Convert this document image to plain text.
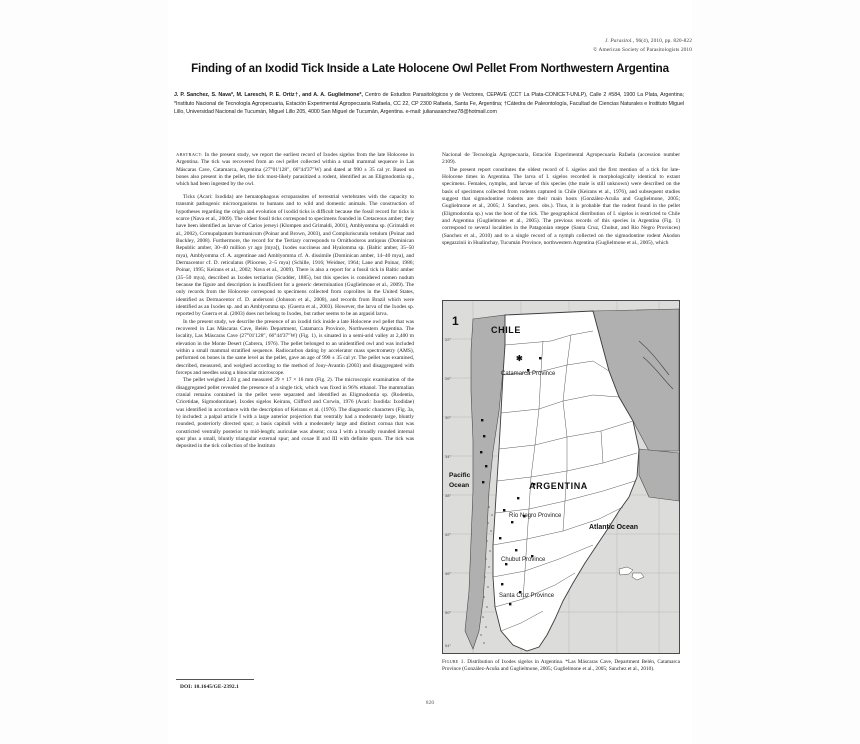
J. Parasitol., 96(4), 2010, pp. 820-822
© American Society of Parasitologists 2010
Finding of an Ixodid Tick Inside a Late Holocene Owl Pellet From Northwestern Argentina
J. P. Sanchez, S. Nava*, M. Lareschi, P. E. Ortiz†, and A. A. Guglielmone*, Centro de Estudios Parasitológicos y de Vectores, CEPAVE (CCT La Plata-CONICET-UNLP), Calle 2 #584, 1900 La Plata, Argentina; *Instituto Nacional de Tecnología Agropecuaria, Estación Experimental Agropecuaria Rafaela, CC 22, CP 2300 Rafaela, Santa Fe, Argentina; †Cátedra de Paleontología, Facultad de Ciencias Naturales e Instituto Miguel Lillo, Universidad Nacional de Tucumán, Miguel Lillo 205, 4000 San Miguel de Tucumán, Argentina. e-mail: julianasanchez78@hotmail.com

ABSTRACT: In the present study, we report the earliest record of Ixodes sigelos from the late Holocene in Argentina. The tick was recovered from an owl pellet collected within a small mammal sequence in Las Máscaras Cave, Catamarca, Argentina (27°01'128″, 66°44'37″W) and dated at 990 ± 35 cal yr. Based on bones also present in the pellet, the tick most-likely parasitized a rodent, identified as an Eligmodontia sp., which had been ingested by the owl.

Ticks (Acari: Ixodida) are hematophagous ectoparasites of terrestrial vertebrates with the capacity to transmit pathogenic microorganisms to humans and to wild and domestic animals. The construction of hypotheses regarding the origin and evolution of ixodid ticks is difficult because the fossil record for ticks is scarce (Nava et al., 2009). The oldest fossil ticks correspond to specimens founded in Cretaceous amber; they have been identified as larvae of Carios jerseyi (Klompen and Grimaldi, 2001), Amblyomma sp. (Grimaldi et al., 2002), Cornupalpatum burmanicum (Poinar and Brown, 2003), and Compluriscutula vetulum (Poinar and Buckley, 2008). Furthermore, the record for the Tertiary corresponds to Ornithodoros antiquus (Dominican Republic amber, 30–40 million yr ago [mya]), Ixodes succineus and Hyalomma sp. (Baltic amber, 35–50 mya), Amblyomma cf. A. argentinae and Amblyomma cf. A. dissimile (Dominican amber, 14–40 mya), and Dermacentor cf. D. reticulatus (Pliocene, 2–5 mya) (Schille, 1916; Weidner, 1964; Lane and Poinar, 1986; Poinar, 1995; Keirans et al., 2002; Nava et al., 2009). There is also a report for a fossil tick in Baltic amber (35–50 mya), described as Ixodes tertiarius (Scudder, 1885), but this species is considered nomen nudum because the figure and description is insufficient for a generic determination (Guglielmone et al., 2009). The only records from the Holocene correspond to specimens collected from coprolites in the United States, identified as Dermacentor cf. D. andersoni (Johnson et al., 2008), and records from Brazil which were identified as an Ixodes sp. and an Amblyomma sp. (Guerra et al., 2003). However, the larva of the Ixodes sp. reported by Guerra et al. (2003) does not belong to Ixodes, but rather seems to be an argasid larva.

In the present study, we describe the presence of an ixodid tick inside a late Holocene owl pellet that was recovered in Las Máscaras Cave, Belén Department, Catamarca Province, Northwestern Argentina. The locality, Las Máscaras Cave (27°01'128″, 66°44'37″W) (Fig. 1), is situated in a semi-arid valley at 2,400 m elevation in the Monte Desert (Cabrera, 1976). The pellet belonged to an unidentified owl and was included within a small mammal stratified sequence. Radiocarbon dating by accelerator mass spectrometry (AMS), performed on bones in the same level as the pellet, gave an age of 990 ± 35 cal yr. The pellet was examined, described, measured, and weighed according to the method of Jouy-Avantin (2003) and disaggregated with forceps and needles using a binocular microscope.

The pellet weighed 2.03 g and measured 29 × 17 × 16 mm (Fig. 2). The microscopic examination of the disaggregated pellet revealed the presence of a single tick, which was fixed in 96% ethanol. The mammalian cranial remains contained in the pellet were separated and identified as Eligmodontia sp. (Rodentia, Cricetidae, Sigmodontinae). Ixodes sigelos Keirans, Clifford and Corwin, 1976 (Acari: Ixodida: Ixodidae) was identified in accordance with the description of Keirans et al. (1976). The diagnostic characters (Fig. 3a, b) included: a palpal article I with a large anterior projection that ventrally had a moderately large, bluntly rounded, posteriorly directed spur; a basis capituli with a moderately large and distinct cornua that was constricted ventrally posterior to mid-length; auriculae was absent; coxa I with a broadly rounded internal spur plus a small, bluntly triangular external spur; and coxae II and III with definite spurs. The tick was deposited in the tick collection of the Instituto

Nacional de Tecnología Agropecuaria, Estación Experimental Agropecuaria Rafaela (accession number 2109).

The present report constitutes the oldest record of I. sigelos and the first mention of a tick for late-Holocene times in Argentina. The larva of I. sigelos recorded is morphologically identical to extant specimens. Females, nymphs, and larvae of this species (the male is still unknown) were described on the basis of specimens collected from rodents captured in Chile (Keirans et al., 1976), and subsequent studies suggest that sigmodontine rodents are their main hosts (González-Acuña and Guglielmone, 2005; Guglielmone et al., 2005; J. Sanchez, pers. obs.). Thus, it is probable that the rodent found in the pellet (Eligmodontia sp.) was the host of the tick. The geographical distribution of I. sigelos is restricted to Chile and Argentina (Guglielmone et al., 2005). The previous records of this species in Argentina (Fig. 1) correspond to several localities in the Patagonian steppe (Santa Cruz, Chubut, and Río Negro Provinces) (Sanchez et al., 2010) and to a single record of a nymph collected on the sigmodontine rodent Akodon spegazzinii in Hualinchay, Tucumán Province, northwestern Argentina (Guglielmone et al., 2005), which

✱
1
CHILE
ARGENTINA
Pacific
Ocean
Atlantic Ocean
Catamarca Province
Río Negro Province
Chubut Province
Santa Cruz Province
22°
26°
30°
34°
38°
42°
46°
50°
54°
Figure 1. Distribution of Ixodes sigelos in Argentina. *Las Máscaras Cave, Department Belén, Catamarca Province (González-Acuña and Guglielmone, 2005; Guglielmone et al., 2005; Sanchez et al., 2010).
DOI: 10.1645/GE-2392.1
820
